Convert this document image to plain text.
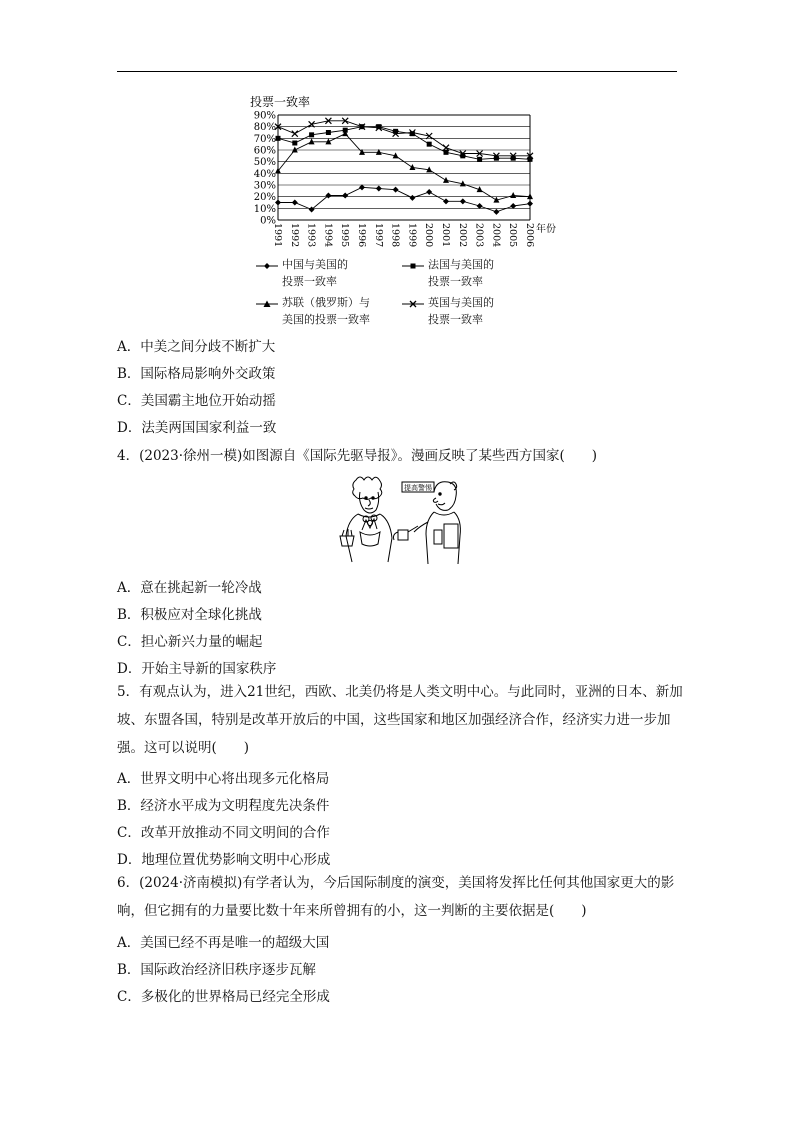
投票一致率
0%
10%
20%
30%
40%
50%
60%
70%
80%
90%
1991 1992 1993 1994 1995 1996 1997 1998 1999 2000 2001 2002 2003 2004 2005 2006 年份
中国与美国的
投票一致率
法国与美国的
投票一致率
苏联（俄罗斯）与
美国的投票一致率
英国与美国的
投票一致率
A．中美之间分歧不断扩大
B．国际格局影响外交政策
C．美国霸主地位开始动摇
D．法美两国国家利益一致
4．(2023·徐州一模)如图源自《国际先驱导报》。漫画反映了某些西方国家(　　)
提高警惕
A．意在挑起新一轮冷战
B．积极应对全球化挑战
C．担心新兴力量的崛起
D．开始主导新的国家秩序
5．有观点认为，进入21世纪，西欧、北美仍将是人类文明中心。与此同时，亚洲的日本、新加坡、东盟各国，特别是改革开放后的中国，这些国家和地区加强经济合作，经济实力进一步加强。这可以说明(　　)
A．世界文明中心将出现多元化格局
B．经济水平成为文明程度先决条件
C．改革开放推动不同文明间的合作
D．地理位置优势影响文明中心形成
6．(2024·济南模拟)有学者认为，今后国际制度的演变，美国将发挥比任何其他国家更大的影响，但它拥有的力量要比数十年来所曾拥有的小，这一判断的主要依据是(　　)
A．美国已经不再是唯一的超级大国
B．国际政治经济旧秩序逐步瓦解
C．多极化的世界格局已经完全形成
